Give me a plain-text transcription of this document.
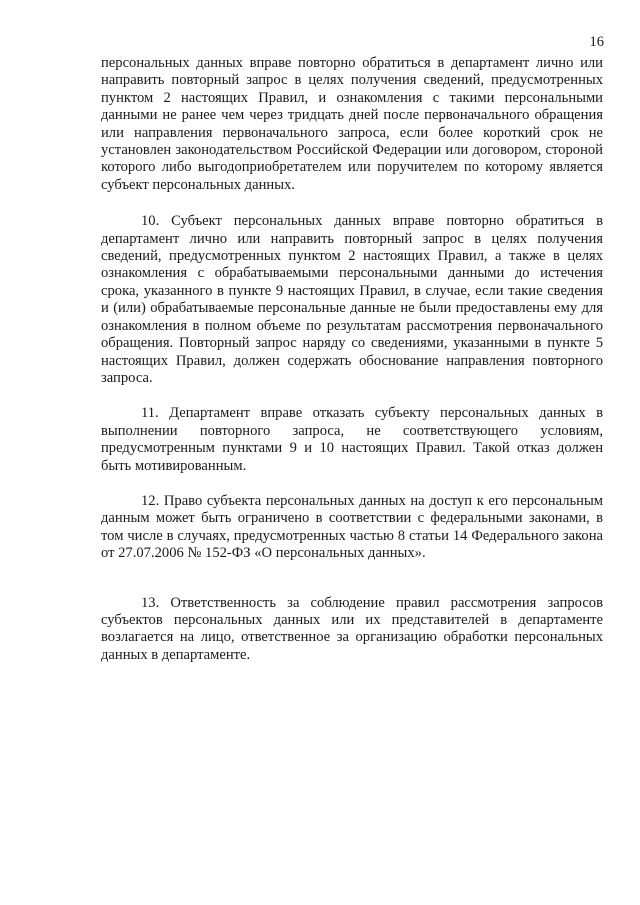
16

персональных данных вправе повторно обратиться в департамент лично или направить повторный запрос в целях получения сведений, предусмотренных пунктом 2 настоящих Правил, и ознакомления с такими персональными данными не ранее чем через тридцать дней после первоначального обращения или направления первоначального запроса, если более короткий срок не установлен законодательством Российской Федерации или договором, стороной которого либо выгодоприобретателем или поручителем по которому является субъект персональных данных.

10. Субъект персональных данных вправе повторно обратиться в департамент лично или направить повторный запрос в целях получения сведений, предусмотренных пунктом 2 настоящих Правил, а также в целях ознакомления с обрабатываемыми персональными данными до истечения срока, указанного в пункте 9 настоящих Правил, в случае, если такие сведения и (или) обрабатываемые персональные данные не были предоставлены ему для ознакомления в полном объеме по результатам рассмотрения первоначального обращения. Повторный запрос наряду со сведениями, указанными в пункте 5 настоящих Правил, должен содержать обоснование направления повторного запроса.

11. Департамент вправе отказать субъекту персональных данных в выполнении повторного запроса, не соответствующего условиям, предусмотренным пунктами 9 и 10 настоящих Правил. Такой отказ должен быть мотивированным.

12. Право субъекта персональных данных на доступ к его персональным данным может быть ограничено в соответствии с федеральными законами, в том числе в случаях, предусмотренных частью 8 статьи 14 Федерального закона от 27.07.2006 № 152-ФЗ «О персональных данных».

13. Ответственность за соблюдение правил рассмотрения запросов субъектов персональных данных или их представителей в департаменте возлагается на лицо, ответственное за организацию обработки персональных данных в департаменте.
